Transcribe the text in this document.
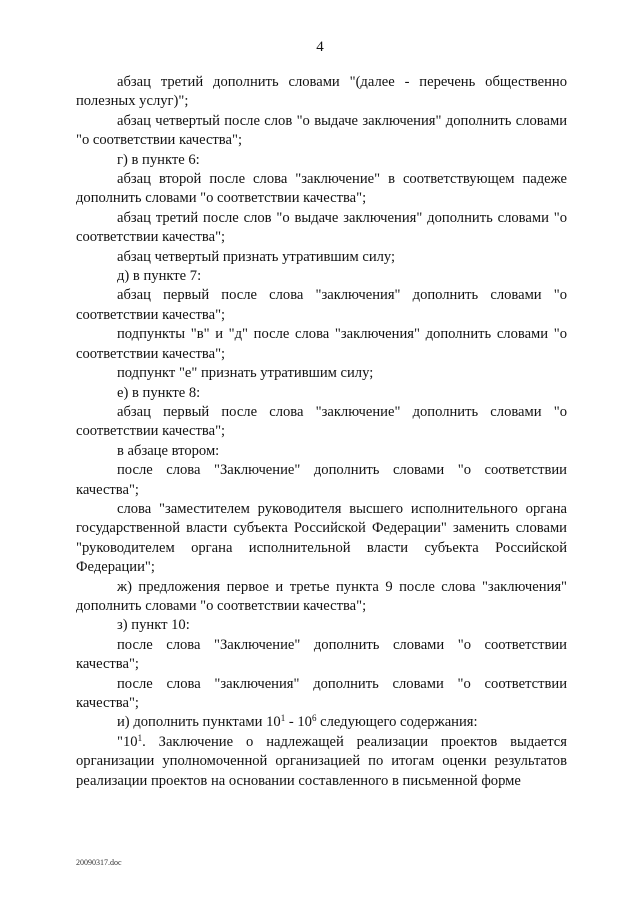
4

абзац третий дополнить словами "(далее - перечень общественно полезных услуг)";

абзац четвертый после слов "о выдаче заключения" дополнить словами "о соответствии качества";

г) в пункте 6:

абзац второй после слова "заключение" в соответствующем падеже дополнить словами "о соответствии качества";

абзац третий после слов "о выдаче заключения" дополнить словами "о соответствии качества";

абзац четвертый признать утратившим силу;

д) в пункте 7:

абзац первый после слова "заключения" дополнить словами "о соответствии качества";

подпункты "в" и "д" после слова "заключения" дополнить словами "о соответствии качества";

подпункт "е" признать утратившим силу;

е) в пункте 8:

абзац первый после слова "заключение" дополнить словами "о соответствии качества";

в абзаце втором:

после слова "Заключение" дополнить словами "о соответствии качества";

слова "заместителем руководителя высшего исполнительного органа государственной власти субъекта Российской Федерации" заменить словами "руководителем органа исполнительной власти субъекта Российской Федерации";

ж) предложения первое и третье пункта 9 после слова "заключения" дополнить словами "о соответствии качества";

з) пункт 10:

после слова "Заключение" дополнить словами "о соответствии качества";

после слова "заключения" дополнить словами "о соответствии качества";

и) дополнить пунктами $10^1 - 10^6$ следующего содержания:

"$10^1$. Заключение о надлежащей реализации проектов выдается организации уполномоченной организацией по итогам оценки результатов реализации проектов на основании составленного в письменной форме

20090317.doc
